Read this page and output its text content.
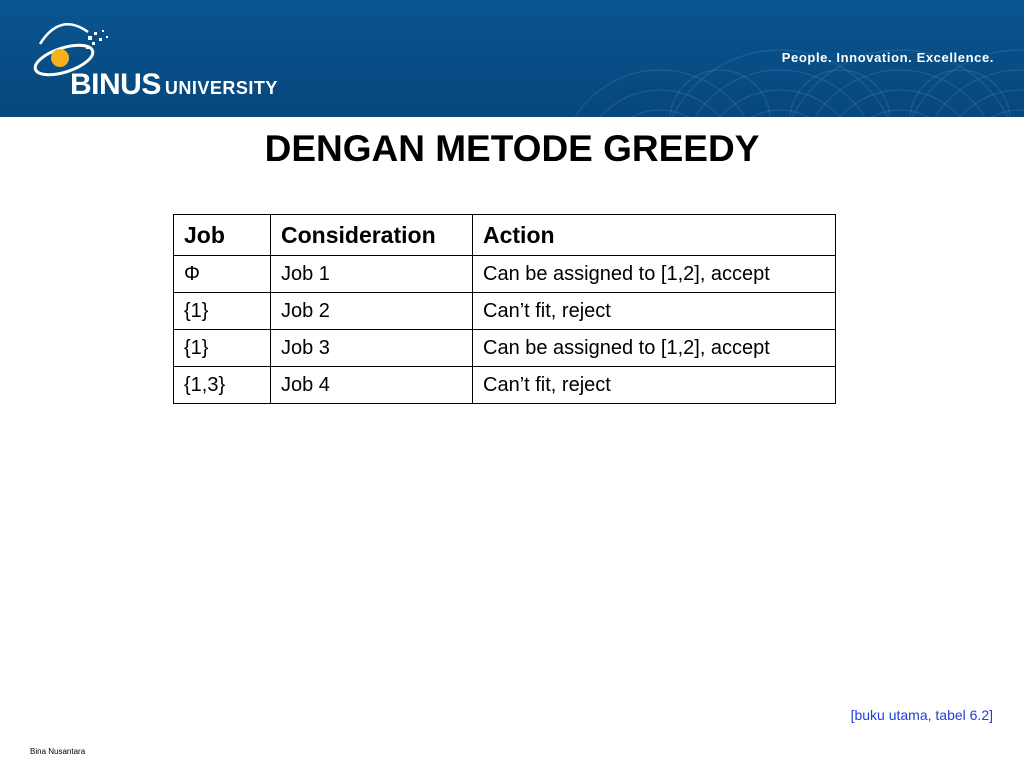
BINUS UNIVERSITY
People. Innovation. Excellence.
DENGAN METODE GREEDY
Job	Consideration	Action
Φ	Job 1	Can be assigned to [1,2], accept
{1}	Job 2	Can’t fit, reject
{1}	Job 3	Can be assigned to [1,2], accept
{1,3}	Job 4	Can’t fit, reject
[buku utama, tabel 6.2]
Bina Nusantara
